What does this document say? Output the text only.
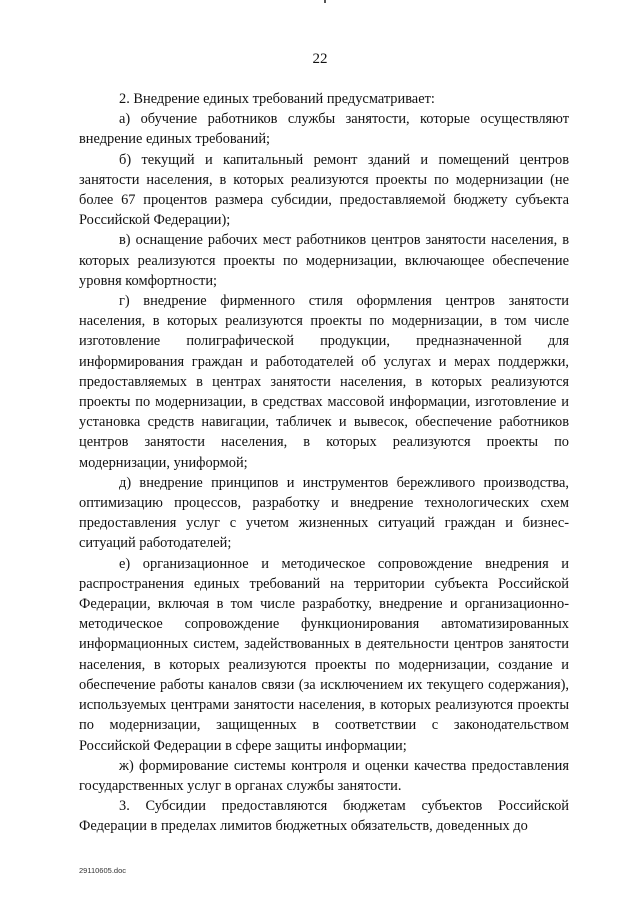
22

2. Внедрение единых требований предусматривает:

а) обучение работников службы занятости, которые осуществляют внедрение единых требований;

б) текущий и капитальный ремонт зданий и помещений центров занятости населения, в которых реализуются проекты по модернизации (не более 67 процентов размера субсидии, предоставляемой бюджету субъекта Российской Федерации);

в) оснащение рабочих мест работников центров занятости населения, в которых реализуются проекты по модернизации, включающее обеспечение уровня комфортности;

г) внедрение фирменного стиля оформления центров занятости населения, в которых реализуются проекты по модернизации, в том числе изготовление полиграфической продукции, предназначенной для информирования граждан и работодателей об услугах и мерах поддержки, предоставляемых в центрах занятости населения, в которых реализуются проекты по модернизации, в средствах массовой информации, изготовление и установка средств навигации, табличек и вывесок, обеспечение работников центров занятости населения, в которых реализуются проекты по модернизации, униформой;

д) внедрение принципов и инструментов бережливого производства, оптимизацию процессов, разработку и внедрение технологических схем предоставления услуг с учетом жизненных ситуаций граждан и бизнес-ситуаций работодателей;

е) организационное и методическое сопровождение внедрения и распространения единых требований на территории субъекта Российской Федерации, включая в том числе разработку, внедрение и организационно-методическое сопровождение функционирования автоматизированных информационных систем, задействованных в деятельности центров занятости населения, в которых реализуются проекты по модернизации, создание и обеспечение работы каналов связи (за исключением их текущего содержания), используемых центрами занятости населения, в которых реализуются проекты по модернизации, защищенных в соответствии с законодательством Российской Федерации в сфере защиты информации;

ж) формирование системы контроля и оценки качества предоставления государственных услуг в органах службы занятости.

3. Субсидии предоставляются бюджетам субъектов Российской Федерации в пределах лимитов бюджетных обязательств, доведенных до

29110605.doc
